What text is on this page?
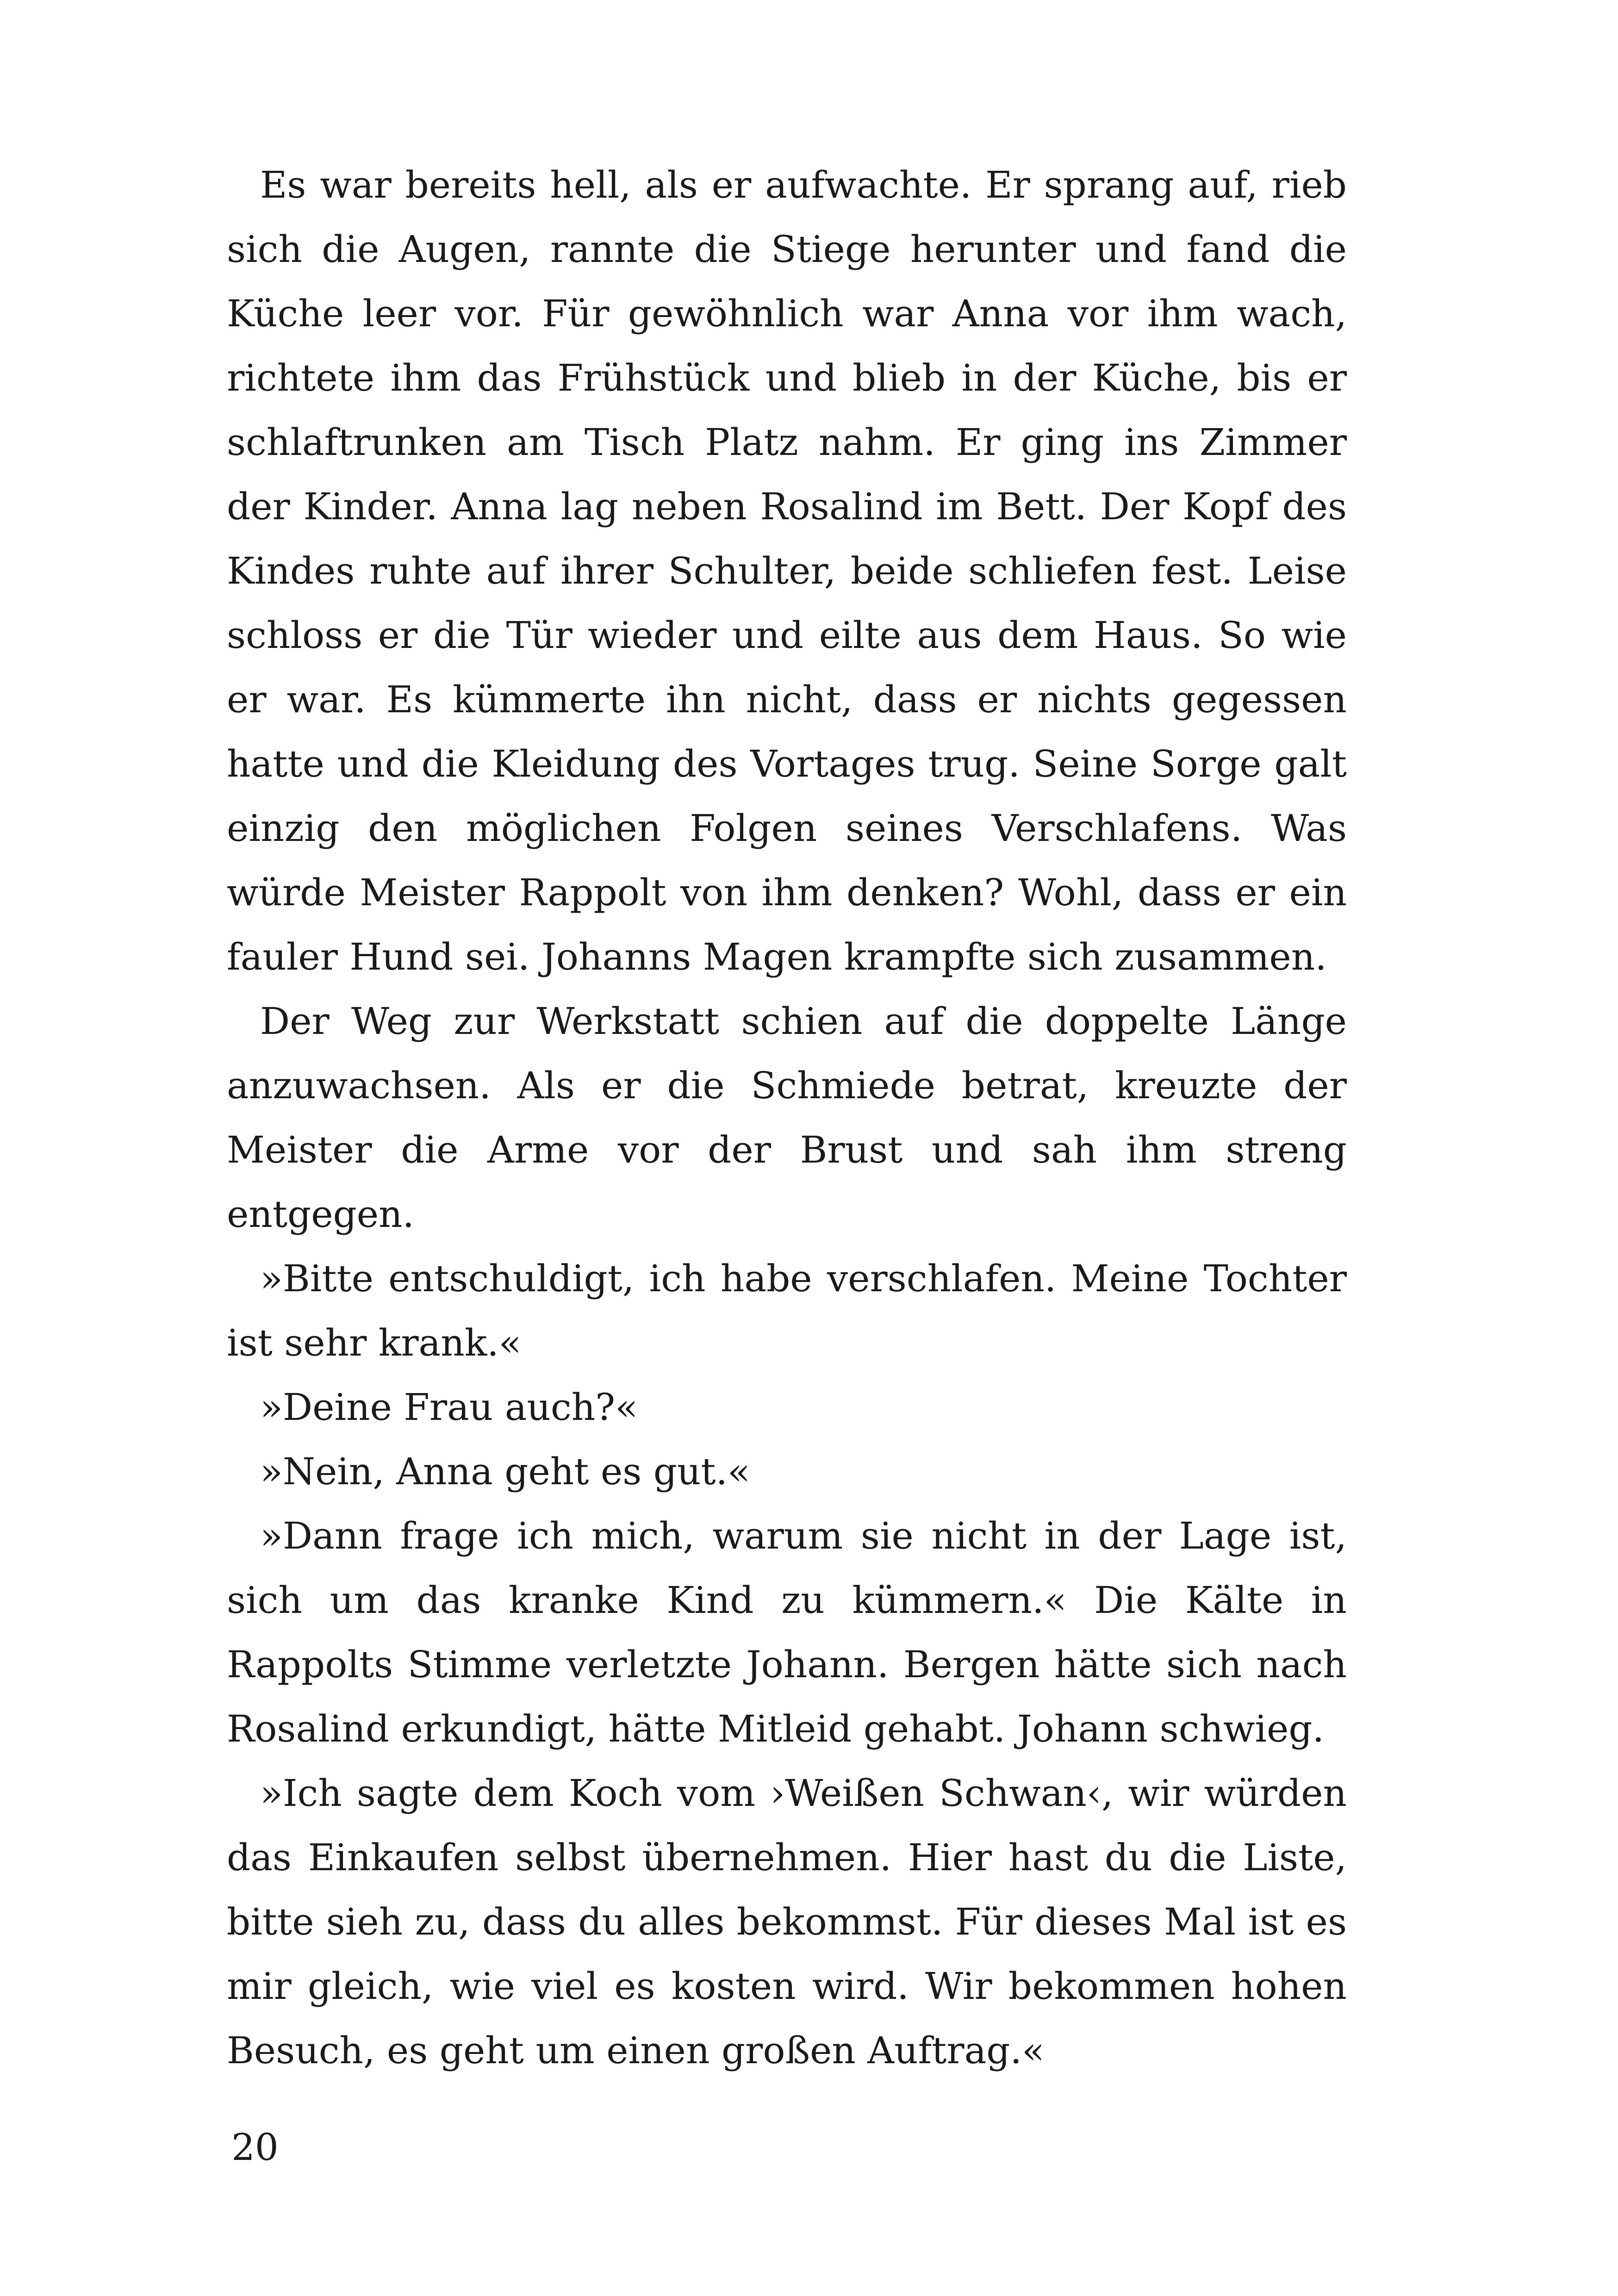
Es war bereits hell, als er aufwachte. Er sprang auf, rieb sich die Augen, rannte die Stiege herunter und fand die Küche leer vor. Für gewöhnlich war Anna vor ihm wach, richtete ihm das Frühstück und blieb in der Küche, bis er schlaftrunken am Tisch Platz nahm. Er ging ins Zimmer der Kinder. Anna lag neben Rosalind im Bett. Der Kopf des Kindes ruhte auf ihrer Schulter, beide schliefen fest. Leise schloss er die Tür wieder und eilte aus dem Haus. So wie er war. Es kümmerte ihn nicht, dass er nichts gegessen hatte und die Kleidung des Vortages trug. Seine Sorge galt einzig den möglichen Folgen seines Verschlafens. Was würde Meister Rappolt von ihm denken? Wohl, dass er ein fauler Hund sei. Johanns Magen krampfte sich zusammen.

Der Weg zur Werkstatt schien auf die doppelte Länge anzuwachsen. Als er die Schmiede betrat, kreuzte der Meister die Arme vor der Brust und sah ihm streng entgegen.

»Bitte entschuldigt, ich habe verschlafen. Meine Tochter ist sehr krank.«

»Deine Frau auch?«

»Nein, Anna geht es gut.«

»Dann frage ich mich, warum sie nicht in der Lage ist, sich um das kranke Kind zu kümmern.« Die Kälte in Rappolts Stimme verletzte Johann. Bergen hätte sich nach Rosalind erkundigt, hätte Mitleid gehabt. Johann schwieg.

»Ich sagte dem Koch vom ›Weißen Schwan‹, wir würden das Einkaufen selbst übernehmen. Hier hast du die Liste, bitte sieh zu, dass du alles bekommst. Für dieses Mal ist es mir gleich, wie viel es kosten wird. Wir bekommen hohen Besuch, es geht um einen großen Auftrag.«

20
